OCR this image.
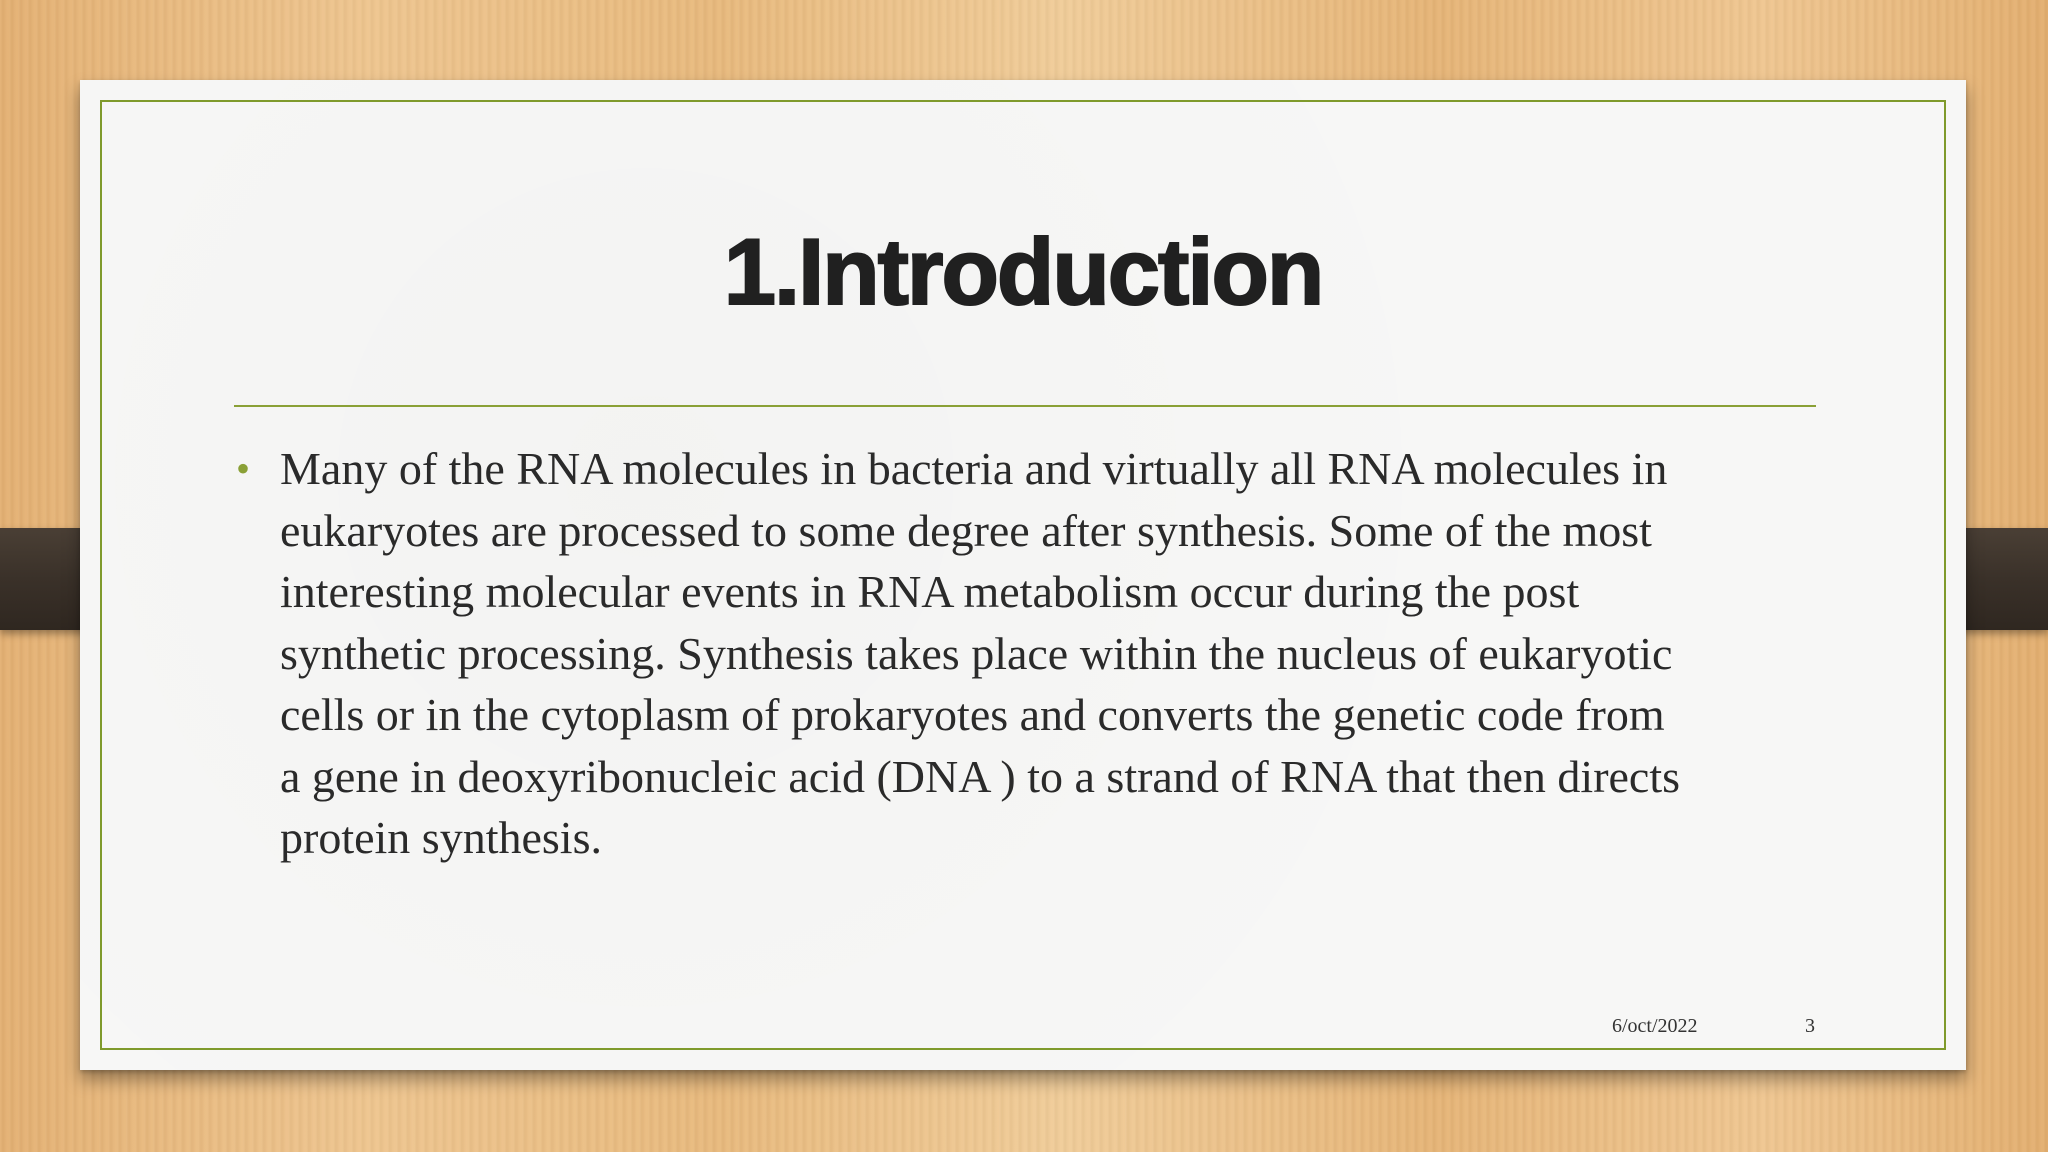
1.Introduction
• Many of the RNA molecules in bacteria and virtually all RNA molecules in
eukaryotes are processed to some degree after synthesis. Some of the most
interesting molecular events in RNA metabolism occur during the post
synthetic processing. Synthesis takes place within the nucleus of eukaryotic
cells or in the cytoplasm of prokaryotes and converts the genetic code from
a gene in deoxyribonucleic acid (DNA ) to a strand of RNA that then directs
protein synthesis.
6/oct/2022	3
